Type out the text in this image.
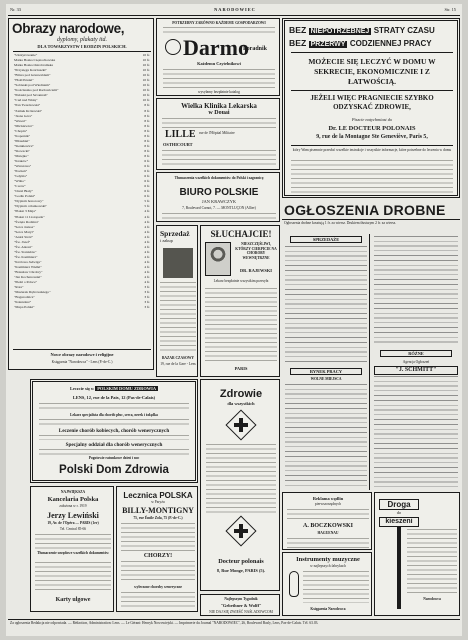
Nr. 33	NARODOWIEC	Str. 15
Obrazy narodowe,
dyplomy, plakaty itd.
DLA TOWARZYSTW I RODZIN POLSKICH.
"Ukrzyżowanie"	10 fr.
Matka Boska Częstochowska	10 fr.
Matka Boska Ostrobramska	10 fr.
"Przysięga Kościuszki"	10 fr.
"Bitwa pod Grunwaldem"	10 fr.
"Hołd Pruski"	10 fr.
"Sobieski pod Wiedniem"	10 fr.
"Kościuszko pod Racławicami"	10 fr.
"Pułaski pod Savannah"	10 fr.
"Cud nad Wisłą"	10 fr.
"Pan Twardowski"	8 fr.
"Zamek Królewski"	8 fr.
"Jasna Góra"	8 fr.
"Wawel"	8 fr.
"Mickiewicz"	8 fr.
"Chopin"	8 fr.
"Kopernik"	8 fr.
"Piłsudski"	8 fr.
"Sienkiewicz"	8 fr.
"Słowacki"	8 fr.
"Matejko"	8 fr.
"Kraków"	6 fr.
"Warszawa"	6 fr.
"Poznań"	6 fr.
"Gdynia"	6 fr.
"Wilno"	6 fr.
"Lwów"	6 fr.
"Orzeł Biały"	6 fr.
"Godło Polski"	6 fr.
"Dyplom honorowy"	5 fr.
"Dyplom członkowski"	5 fr.
"Plakat 3 Maja"	4 fr.
"Plakat 11 Listopada"	4 fr.
"Święta Rodzina"	4 fr.
"Serce Jezusa"	4 fr.
"Serce Maryi"	4 fr.
"Anioł Stróż"	4 fr.
"Św. Józef"	4 fr.
"Św. Antoni"	4 fr.
"Św. Stanisław"	4 fr.
"Św. Kazimierz"	4 fr.
"Królowa Jadwiga"	4 fr.
"Kazimierz Wielki"	4 fr.
"Bolesław Chrobry"	4 fr.
"Jan Kochanowski"	4 fr.
"Pieśń o Polsce"	4 fr.
"Rota"	3 fr.
"Mazurek Dąbrowskiego"	3 fr.
"Bogurodzica"	3 fr.
"Kalendarz"	3 fr.
"Mapa Polski"	3 fr.
Nowe obrazy narodowe i religijne
Księgarnia "Narodowca" - Lens (P.-de-C.)
POTRZEBNY ZARÓWNO KAŻDEMU GOSPODARZOWI
Darmo
Poradnik
Każdemu Czytelnikowi
wysyłamy bezpłatnie katalog
Wielka Klinika Lekarska
w Douai
LILLE rue de l'Hôpital Militaire
OSTHICOURT
Tłumaczenia wszelkich dokumentów do Polski i zagranicę
BIURO POLSKIE
JAN KRAWCZYK
7, Boulevard Carnot, 7. — MONTLUÇON (Allier)
Sprzedaż
i zakup
BAZAR CZASOWY
19, rue de la Gare - Lens
SŁUCHAJCIE!
NIESZCZĘŚLIWI, KTÓRZY CIERPICIE NA CHOROBY WEWNĘTRZNE
DR. RAJEWSKI
Lekarz bezpłatnie wszystkim przesyła
PARIS
BEZ NIEPOTRZEBNEJ STRATY CZASU
BEZ PRZERWY CODZIENNEJ PRACY
MOŻECIE SIĘ LECZYĆ W DOMU W SEKRECIE, EKONOMICZNIE I Z ŁATWOŚCIĄ.
JEŻELI WIĘC PRAGNIECIE SZYBKO ODZYSKAĆ ZDROWIE,
Piszcie natychmiast do
Dr. LE DOCTEUR POLONAIS
9, rue de la Montagne Ste Geneviève, Paris 5,
który Wam pisemnie przesłać wszelkie instrukcje i wszystkie informacje, które potrzebne do leczenia w domu
OGŁOSZENIA DROBNE
Ogłoszenia drobne kosztują 1 fr. za wiersz. Drukiem tłustszym 2 fr. za wiersz.
SPRZEDAŻE
RYNEK PRACY
WOLNE MIEJSCA
RÓŻNE
Agencja Ogłoszeń
"J. SCHMITT"
Leczcie się w POLSKIM DOMU ZDROWIA
LENS, 12, rue de la Paix, 12 (Pas-de-Calais)
Lekarz specjalista dla chorób płuc, serca, nerek i żołądka
Leczenie chorób kobiecych, chorób wenerycznych
Specjalny oddział dla chorób wenerycznych
Pogotowie ratunkowe dzień i noc
Polski Dom Zdrowia
Zdrowie
dla wszystkich
Docteur polonais
8, Rue Monge, PARIS (5).
NAJWIĘKSZA
Kancelaria Polska
założona w r. 1919
Jerzy Lewiński
19, Av. de l'Opéra — PARIS (1er)
Tel. Central 85-66
Tłumaczenie urzędowe wszelkich dokumentów
Karty ulgowe
Lecznica POLSKA
w Paryżu
BILLY-MONTIGNY
75, rue Émile Zola, 75 (P.-de-C.)
CHORZY!
wyleczone choroby weneryczne
Najlepszym Tygodnik
"Gebethner & Wolff"
NIE DAJ SIĘ ZWIEŚĆ NAŚLADOWCOM
Reklama wędlin
pierwszorzędnych
A. BOCZKOWSKI
HAGUENAU
Instrumenty muzyczne
w najlepszych fabrykach
Księgarnia Narodowca
Droga
do
kieszeni
Narodowca
Za ogłoszenia Redakcja nie odpowiada. — Rédaction, Administration: Lens. — Le Gérant: Henryk Nowowiejski. — Imprimerie du Journal "NARODOWIEC", 26, Boulevard Basly, Lens, Pas-de-Calais. Tél. 63.03.
